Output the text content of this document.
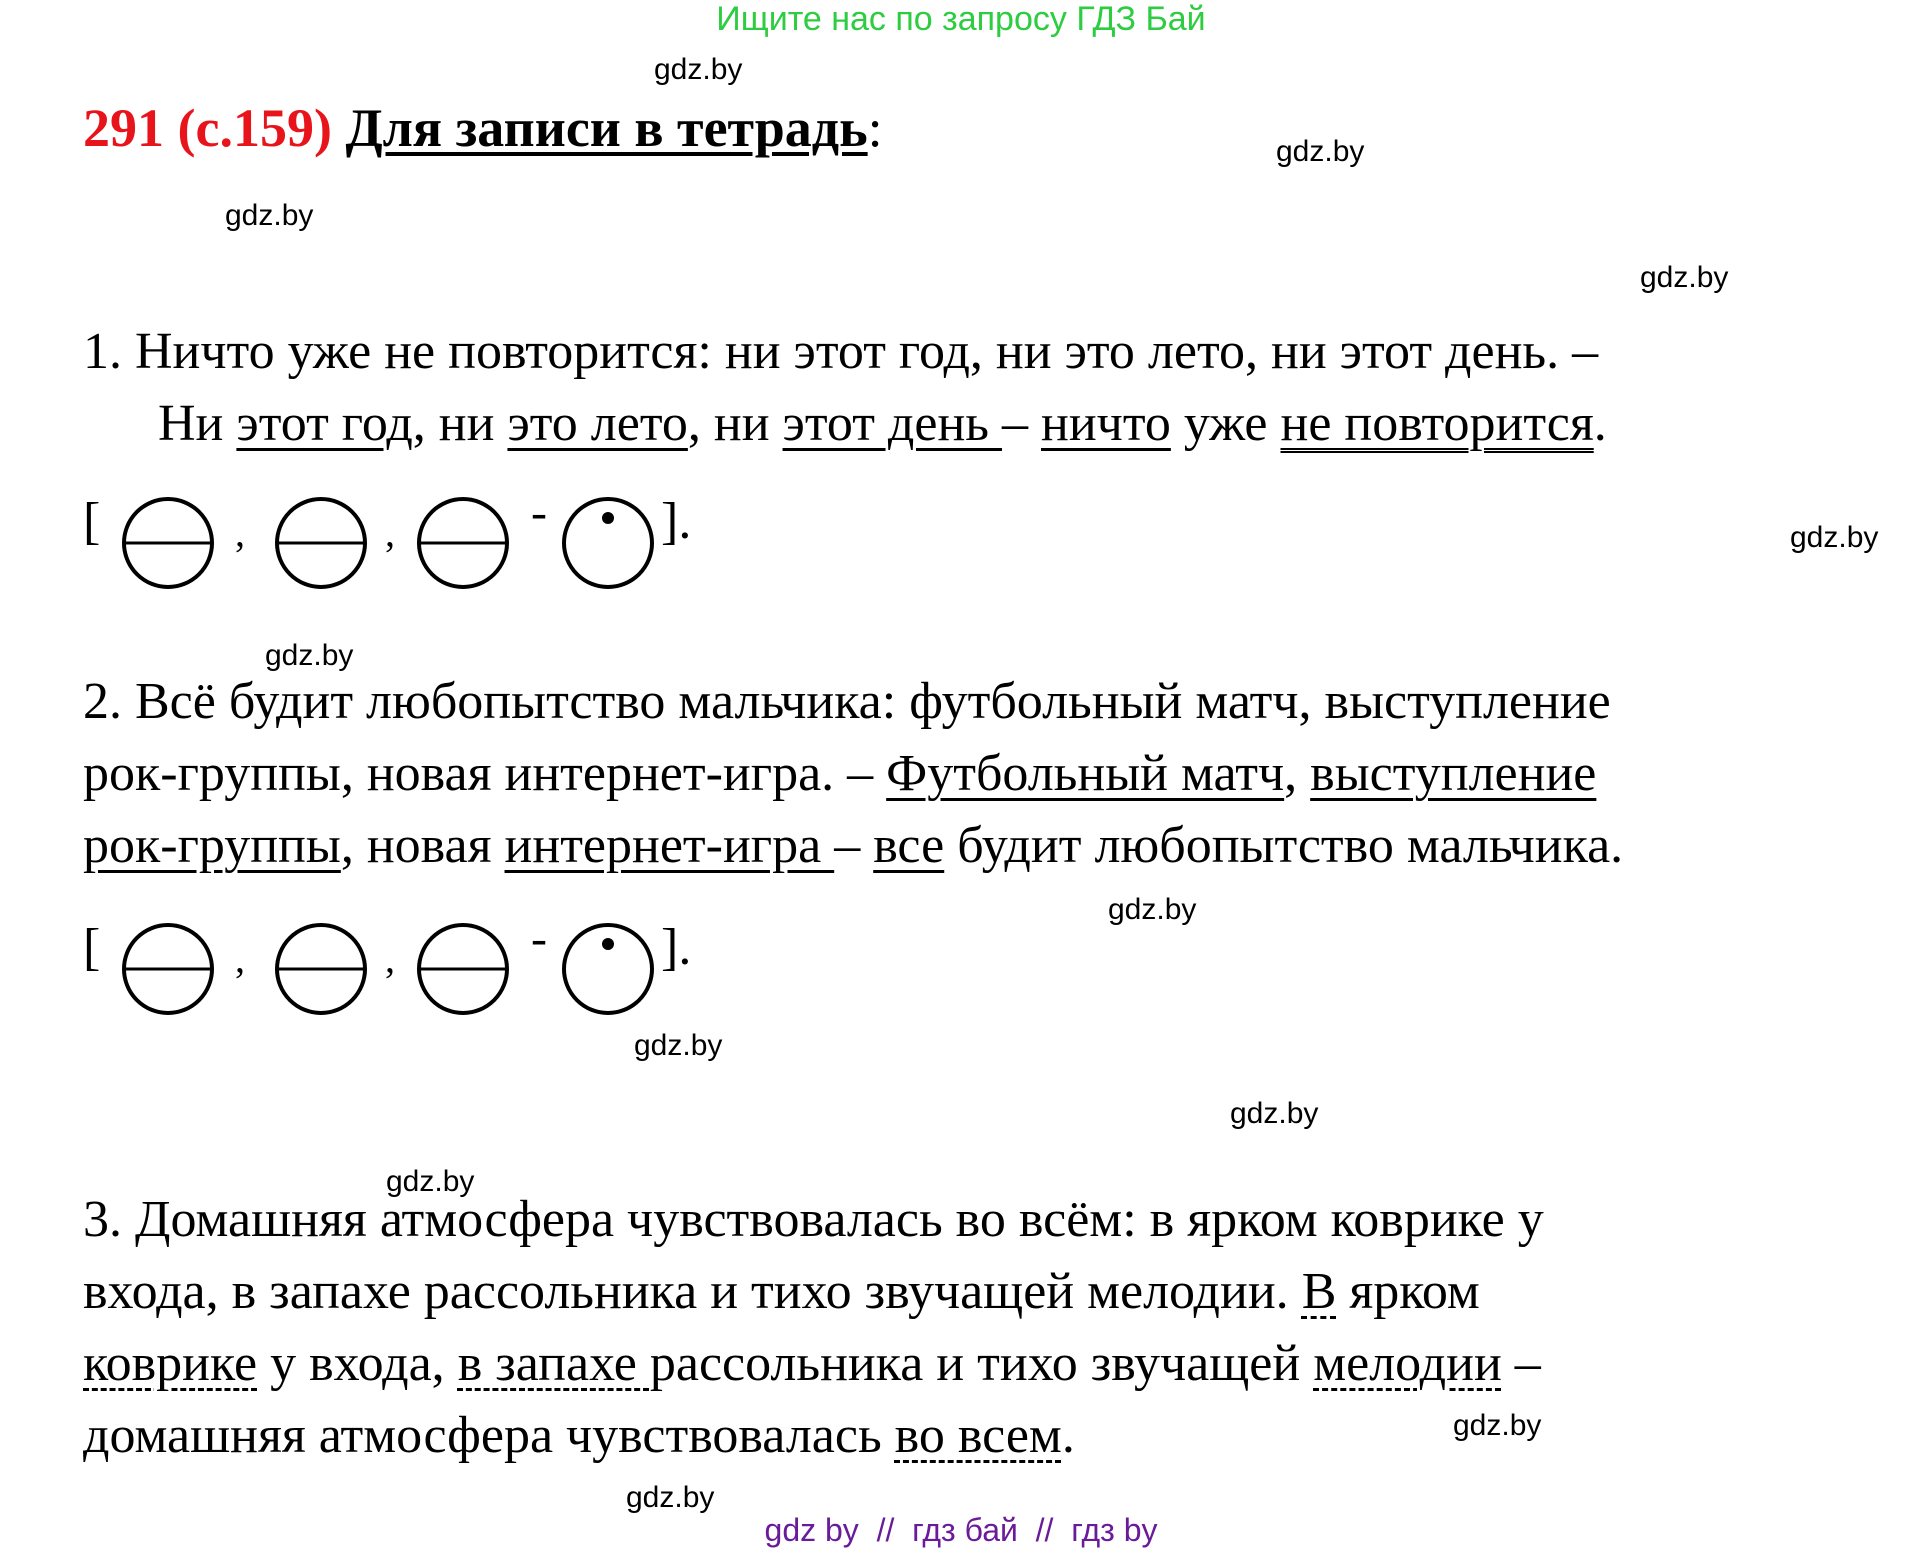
Ищите нас по запросу ГДЗ Бай
gdz.by
gdz.by
gdz.by
gdz.by
gdz.by
gdz.by
gdz.by
gdz.by
gdz.by
gdz.by
gdz.by
gdz.by
291 (с.159) Для записи в тетрадь:
1. Ничто уже не повторится: ни этот год, ни это лето, ни этот день. –
Ни этот год, ни это лето, ни этот день – ничто уже не повторится.
[	,	,	- ].
2. Всё будит любопытство мальчика: футбольный матч, выступление
рок-группы, новая интернет-игра. – Футбольный матч, выступление
рок-группы, новая интернет-игра – все будит любопытство мальчика.
[	,	,	- ].
3. Домашняя атмосфера чувствовалась во всём: в ярком коврике у
входа, в запахе рассольника и тихо звучащей мелодии. В ярком
коврике у входа, в запахе рассольника и тихо звучащей мелодии –
домашняя атмосфера чувствовалась во всем.
gdz by  //  гдз бай  //  гдз by
